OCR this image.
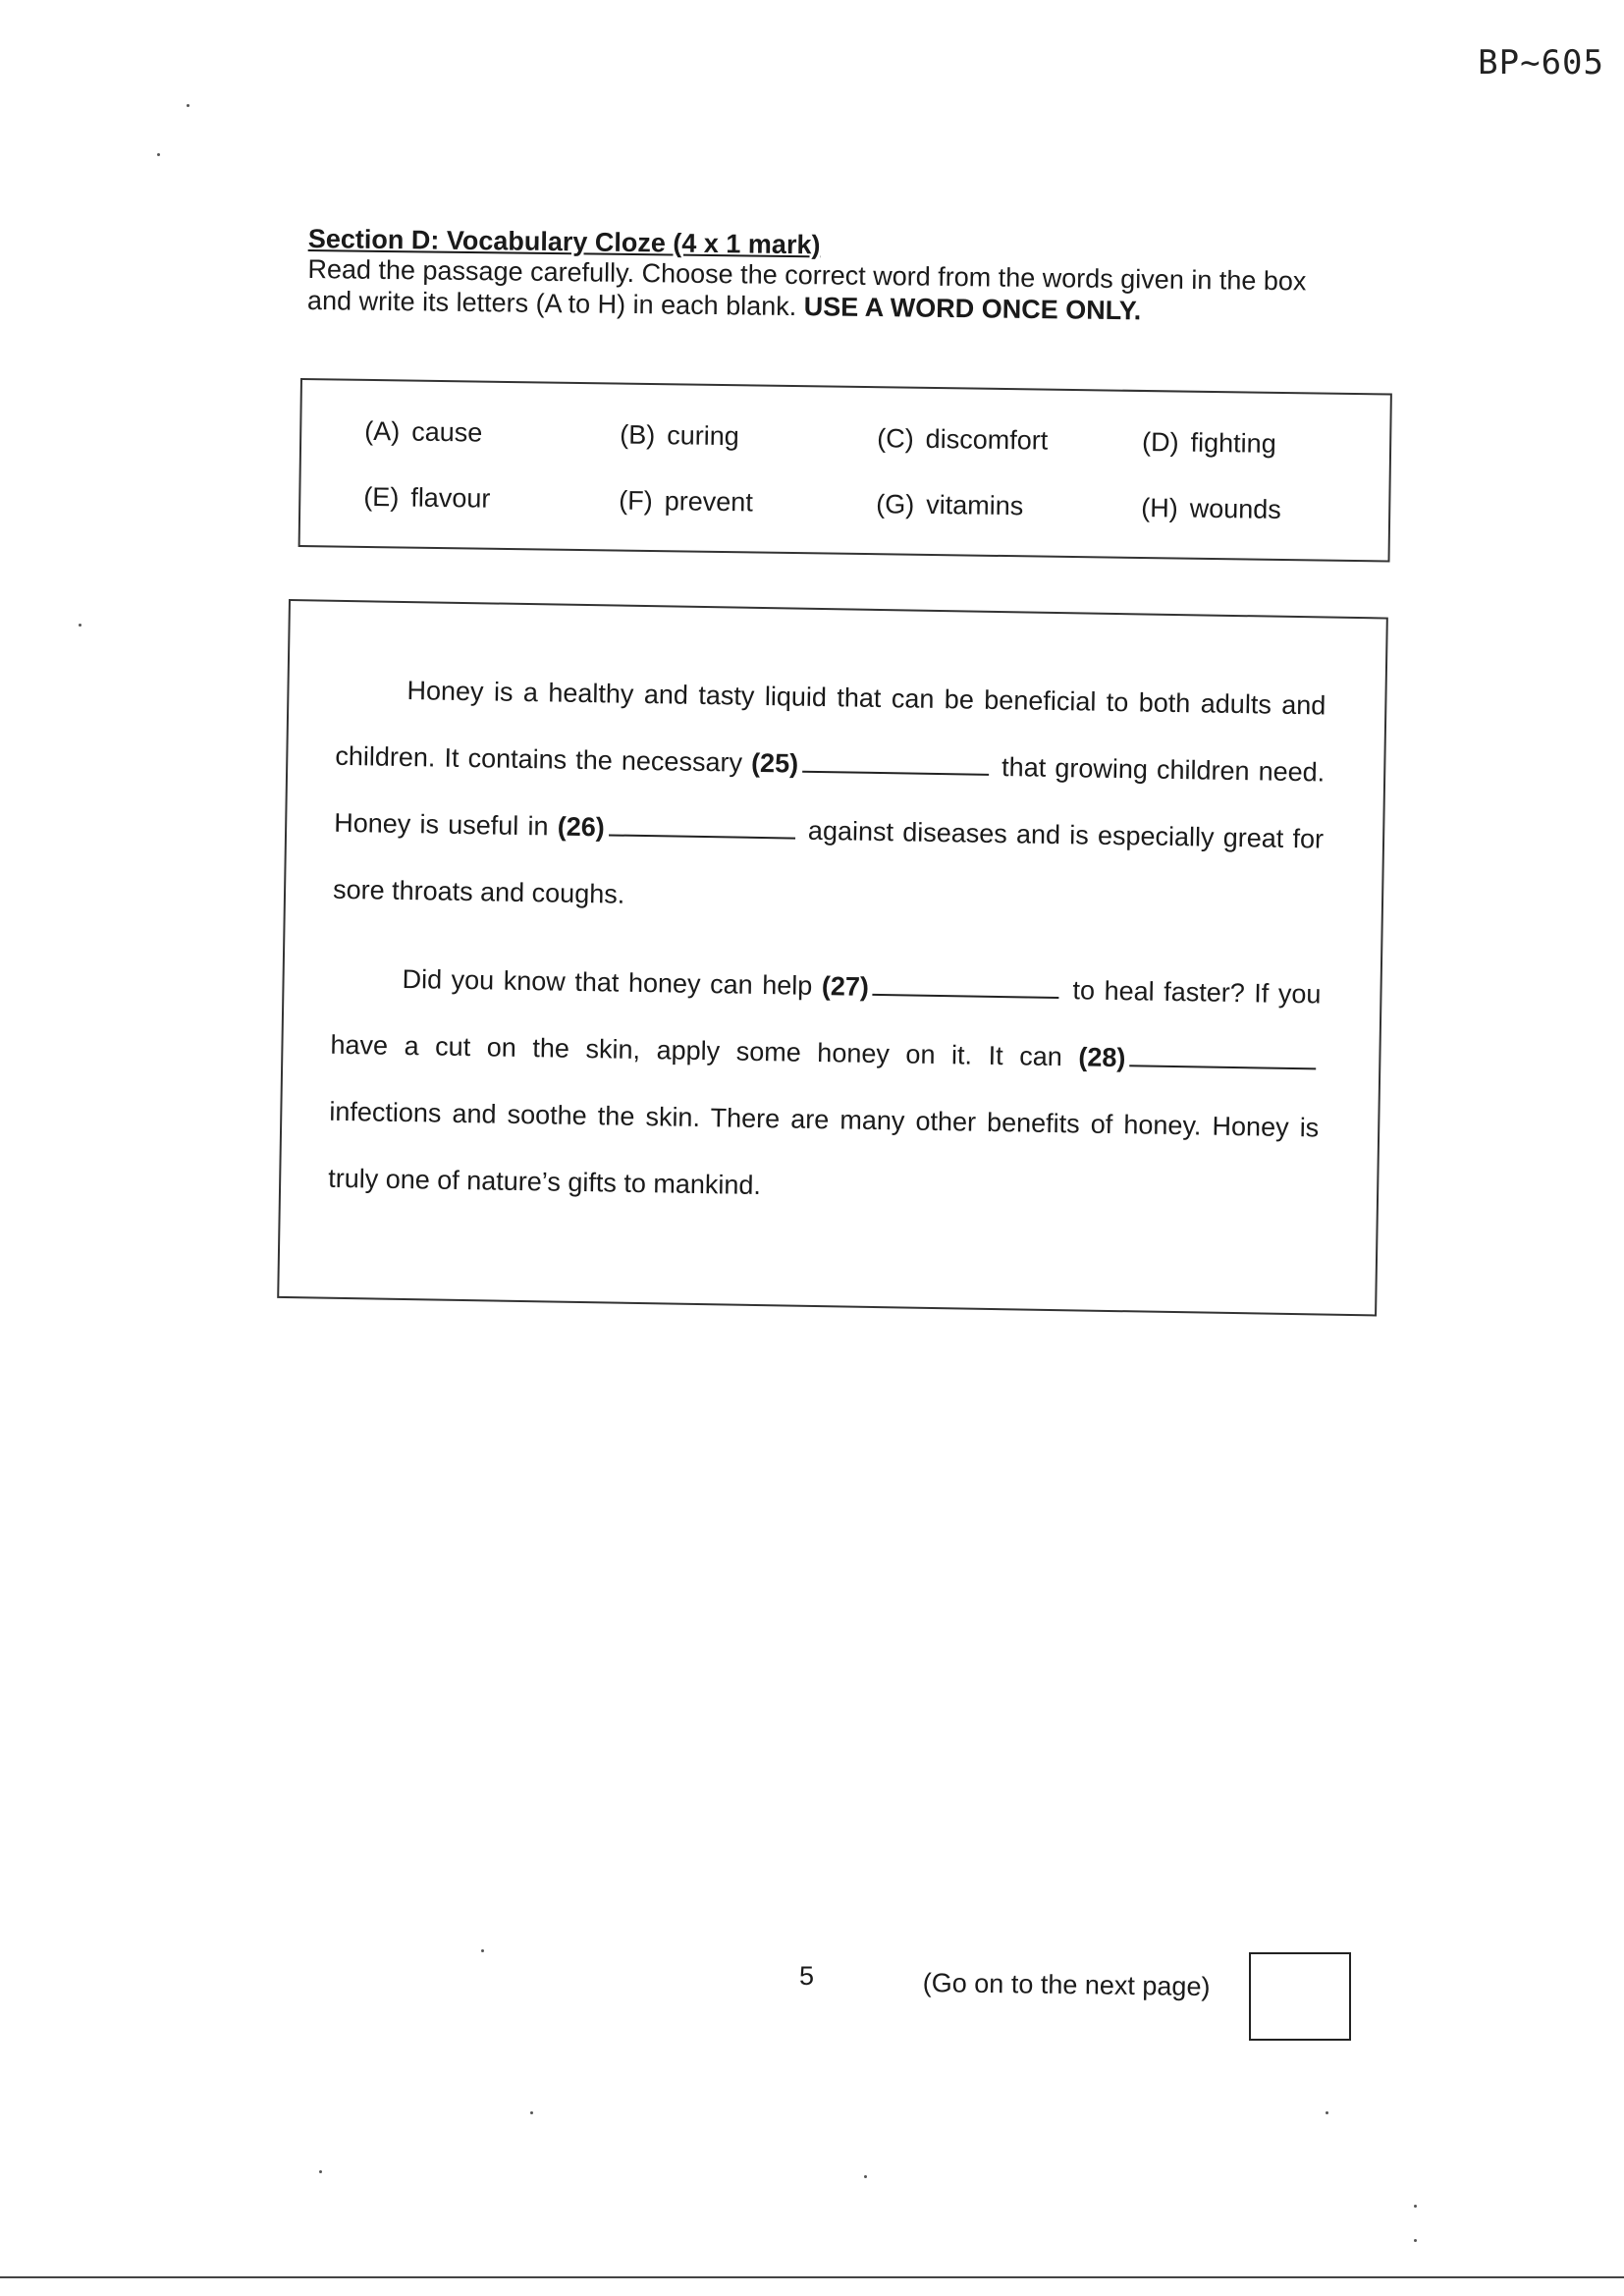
BP~605
Section D: Vocabulary Cloze (4 x 1 mark)
Read the passage carefully. Choose the correct word from the words given in the box and write its letters (A to H) in each blank. USE A WORD ONCE ONLY.
(A) cause	(B) curing	(C) discomfort	(D) fighting
(E) flavour	(F) prevent	(G) vitamins	(H) wounds

Honey is a healthy and tasty liquid that can be beneficial to both adults and children. It contains the necessary (25)	that growing children need. Honey is useful in (26)	against diseases and is especially great for sore throats and coughs.

Did you know that honey can help (27)	to heal faster? If you have a cut on the skin, apply some honey on it. It can (28) infections and soothe the skin. There are many other benefits of honey. Honey is truly one of nature’s gifts to mankind.

5	(Go on to the next page)
